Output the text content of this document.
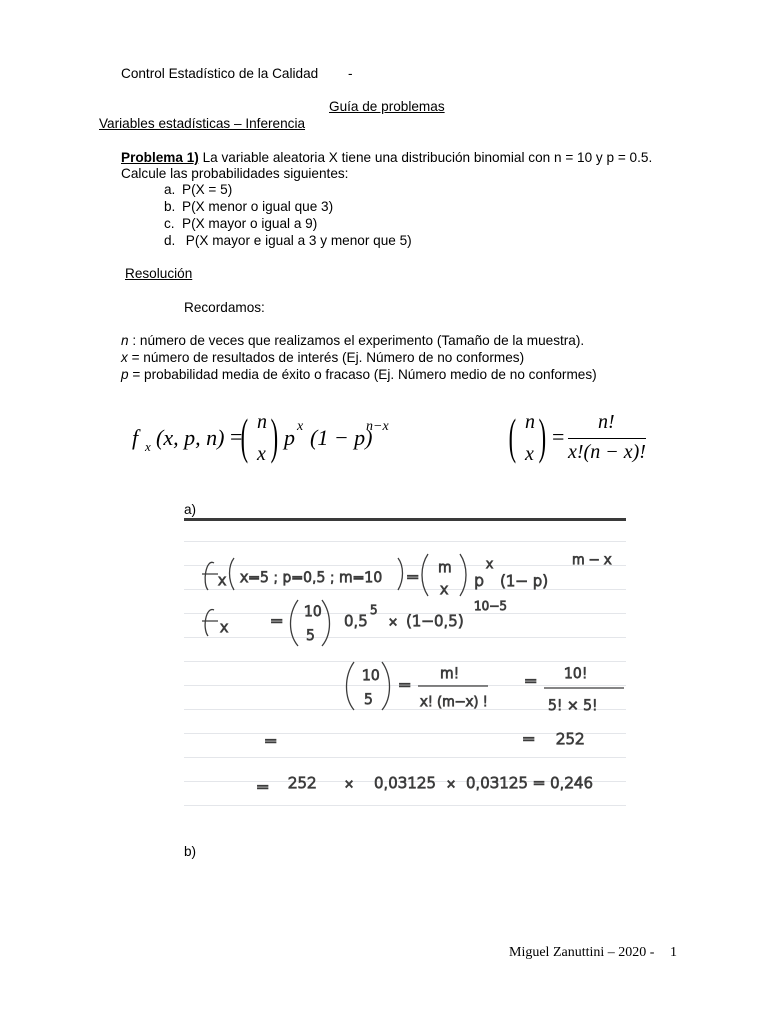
Control Estadístico de la Calidad -
Guía de problemas
Variables estadísticas – Inferencia
Problema 1) La variable aleatoria X tiene una distribución binomial con n = 10 y p = 0.5.
Calcule las probabilidades siguientes:
a. P(X = 5)
b. P(X menor o igual que 3)
c. P(X mayor o igual a 9)
d. P(X mayor e igual a 3 y menor que 5)
Resolución
Recordamos:
n : número de veces que realizamos el experimento (Tamaño de la muestra).
x = número de resultados de interés (Ej. Número de no conformes)
p = probabilidad media de éxito o fracaso (Ej. Número medio de no conformes)
f x (x, p, n) =
( n
x ) p x (1 − p)
n−x ( n
x ) =
n!
x!(n − x)!
a)
x x=5 ; p=0,5 ; m=10 = m
x p
x
(1− p)
m − x
x	= 10
5
0,5
5
× (1−0,5)
10−5
10
5
=
m!
x! (m−x) !
= 10!
5! × 5!
=	= 252
= 252 × 0,03125 × 0,03125 = 0,246
b)
Miguel Zanuttini – 2020 - 1
